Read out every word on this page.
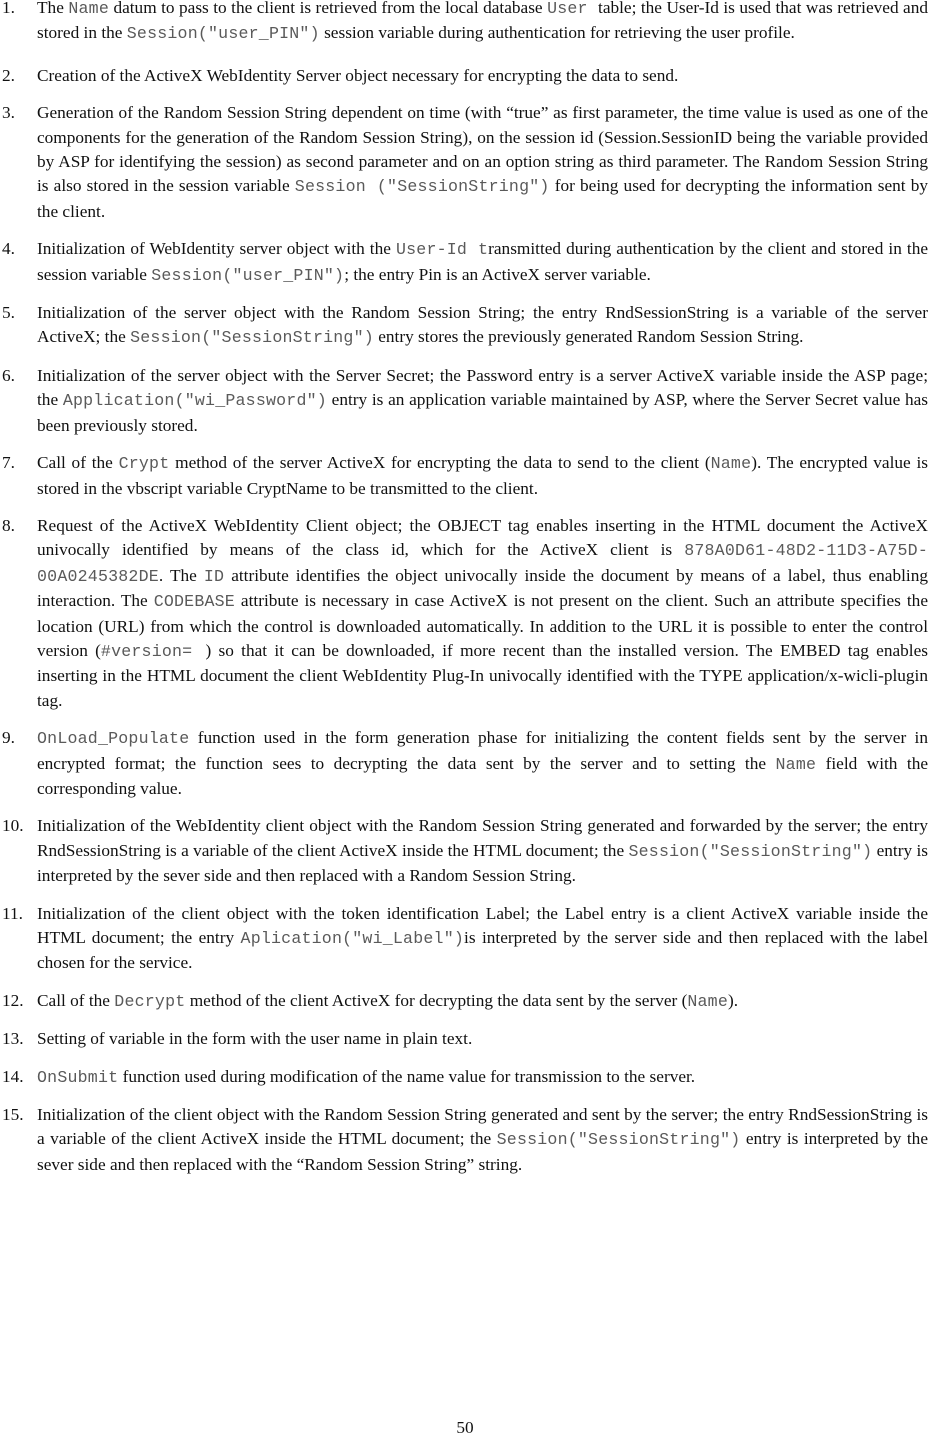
1. The Name datum to pass to the client is retrieved from the local database User table; the User-Id is used that was retrieved and stored in the Session("user_PIN") session variable during authentication for retrieving the user profile.
2. Creation of the ActiveX WebIdentity Server object necessary for encrypting the data to send.
3. Generation of the Random Session String dependent on time (with “true” as first parameter, the time value is used as one of the components for the generation of the Random Session String), on the session id (Session.SessionID being the variable provided by ASP for identifying the session) as second parameter and on an option string as third parameter. The Random Session String is also stored in the session variable Session ("SessionString") for being used for decrypting the information sent by the client.
4. Initialization of WebIdentity server object with the User-Id transmitted during authentication by the client and stored in the session variable Session("user_PIN"); the entry Pin is an ActiveX server variable.
5. Initialization of the server object with the Random Session String; the entry RndSessionString is a variable of the server ActiveX; the Session("SessionString") entry stores the previously generated Random Session String.
6. Initialization of the server object with the Server Secret; the Password entry is a server ActiveX variable inside the ASP page; the Application("wi_Password") entry is an application variable maintained by ASP, where the Server Secret value has been previously stored.
7. Call of the Crypt method of the server ActiveX for encrypting the data to send to the client (Name). The encrypted value is stored in the vbscript variable CryptName to be transmitted to the client.
8. Request of the ActiveX WebIdentity Client object; the OBJECT tag enables inserting in the HTML document the ActiveX univocally identified by means of the class id, which for the ActiveX client is 878A0D61-48D2-11D3-A75D-00A0245382DE. The ID attribute identifies the object univocally inside the document by means of a label, thus enabling interaction. The CODEBASE attribute is necessary in case ActiveX is not present on the client. Such an attribute specifies the location (URL) from which the control is downloaded automatically. In addition to the URL it is possible to enter the control version (#version= ) so that it can be downloaded, if more recent than the installed version. The EMBED tag enables inserting in the HTML document the client WebIdentity Plug-In univocally identified with the TYPE application/x-wicli-plugin tag.
9. OnLoad_Populate function used in the form generation phase for initializing the content fields sent by the server in encrypted format; the function sees to decrypting the data sent by the server and to setting the Name field with the corresponding value.
10. Initialization of the WebIdentity client object with the Random Session String generated and forwarded by the server; the entry RndSessionString is a variable of the client ActiveX inside the HTML document; the Session("SessionString") entry is interpreted by the sever side and then replaced with a Random Session String.
11. Initialization of the client object with the token identification Label; the Label entry is a client ActiveX variable inside the HTML document; the entry Aplication("wi_Label")is interpreted by the server side and then replaced with the label chosen for the service.
12. Call of the Decrypt method of the client ActiveX for decrypting the data sent by the server (Name).
13. Setting of variable in the form with the user name in plain text.
14. OnSubmit function used during modification of the name value for transmission to the server.
15. Initialization of the client object with the Random Session String generated and sent by the server; the entry RndSessionString is a variable of the client ActiveX inside the HTML document; the Session("SessionString") entry is interpreted by the sever side and then replaced with the “Random Session String” string.
50
